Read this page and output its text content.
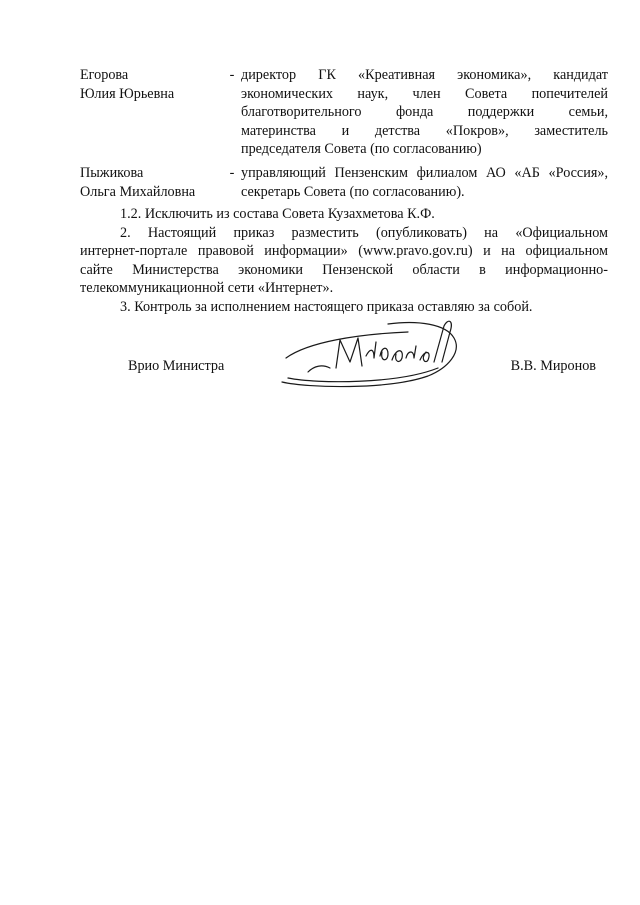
Егорова
Юлия Юрьевна
- директор ГК «Креативная экономика», кандидат
экономических наук, член Совета попечителей
благотворительного фонда поддержки семьи,
материнства и детства «Покров», заместитель
председателя Совета (по согласованию)
Пыжикова
Ольга Михайловна
- управляющий Пензенским филиалом АО «АБ «Россия»,
секретарь Совета (по согласованию).

1.2. Исключить из состава Совета Кузахметова К.Ф.

2. Настоящий приказ разместить (опубликовать) на «Официальном
интернет-портале правовой информации» (www.pravo.gov.ru) и на официальном
сайте Министерства экономики Пензенской области в информационно-
телекоммуникационной сети «Интернет».

3. Контроль за исполнением настоящего приказа оставляю за собой.

Врио Министра	В.В. Миронов
